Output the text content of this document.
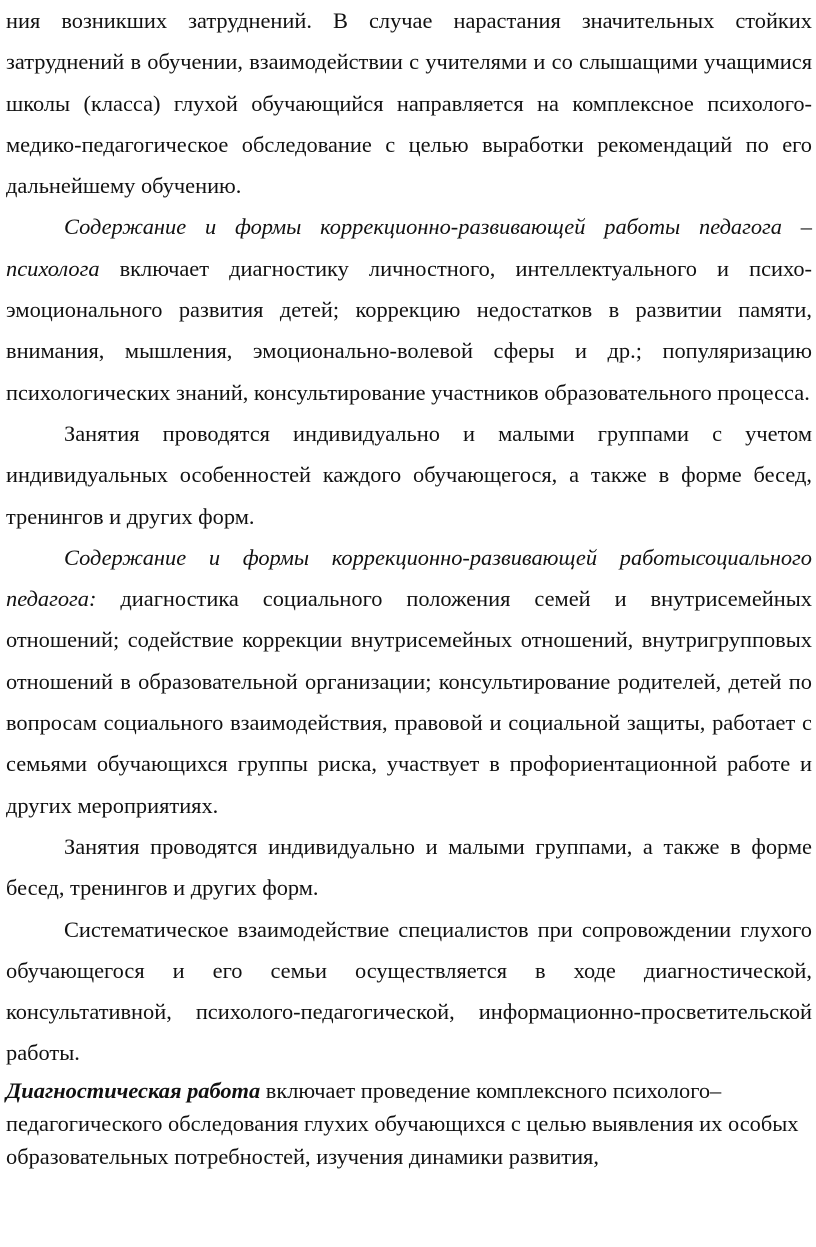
ния возникших затруднений. В случае нарастания значительных стойких затруднений в обучении, взаимодействии с учителями и со слышащими учащимися школы (класса) глухой обучающийся направляется на комплексное психолого-медико-педагогическое обследование с целью выработки рекомендаций по его дальнейшему обучению.

Содержание и формы коррекционно-развивающей работы педагога – психолога включает диагностику личностного, интеллектуального и психо-эмоционального развития детей; коррекцию недостатков в развитии памяти, внимания, мышления, эмоционально-волевой сферы и др.; популяризацию психологических знаний, консультирование участников образовательного процесса.

Занятия проводятся индивидуально и малыми группами с учетом индивидуальных особенностей каждого обучающегося, а также в форме бесед, тренингов и других форм.

Содержание и формы коррекционно-развивающей работысоциального педагога: диагностика социального положения семей и внутрисемейных отношений; содействие коррекции внутрисемейных отношений, внутригрупповых отношений в образовательной организации; консультирование родителей, детей по вопросам социального взаимодействия, правовой и социальной защиты, работает с семьями обучающихся группы риска, участвует в профориентационной работе и других мероприятиях.

Занятия проводятся индивидуально и малыми группами, а также в форме бесед, тренингов и других форм.

Систематическое взаимодействие специалистов при сопровождении глухого обучающегося и его семьи осуществляется в ходе диагностической, консультативной, психолого-педагогической, информационно-просветительской работы.

Диагностическая работа включает проведение комплексного психолого–педагогического обследования глухих обучающихся с целью выявления их особых образовательных потребностей, изучения динамики развития,
